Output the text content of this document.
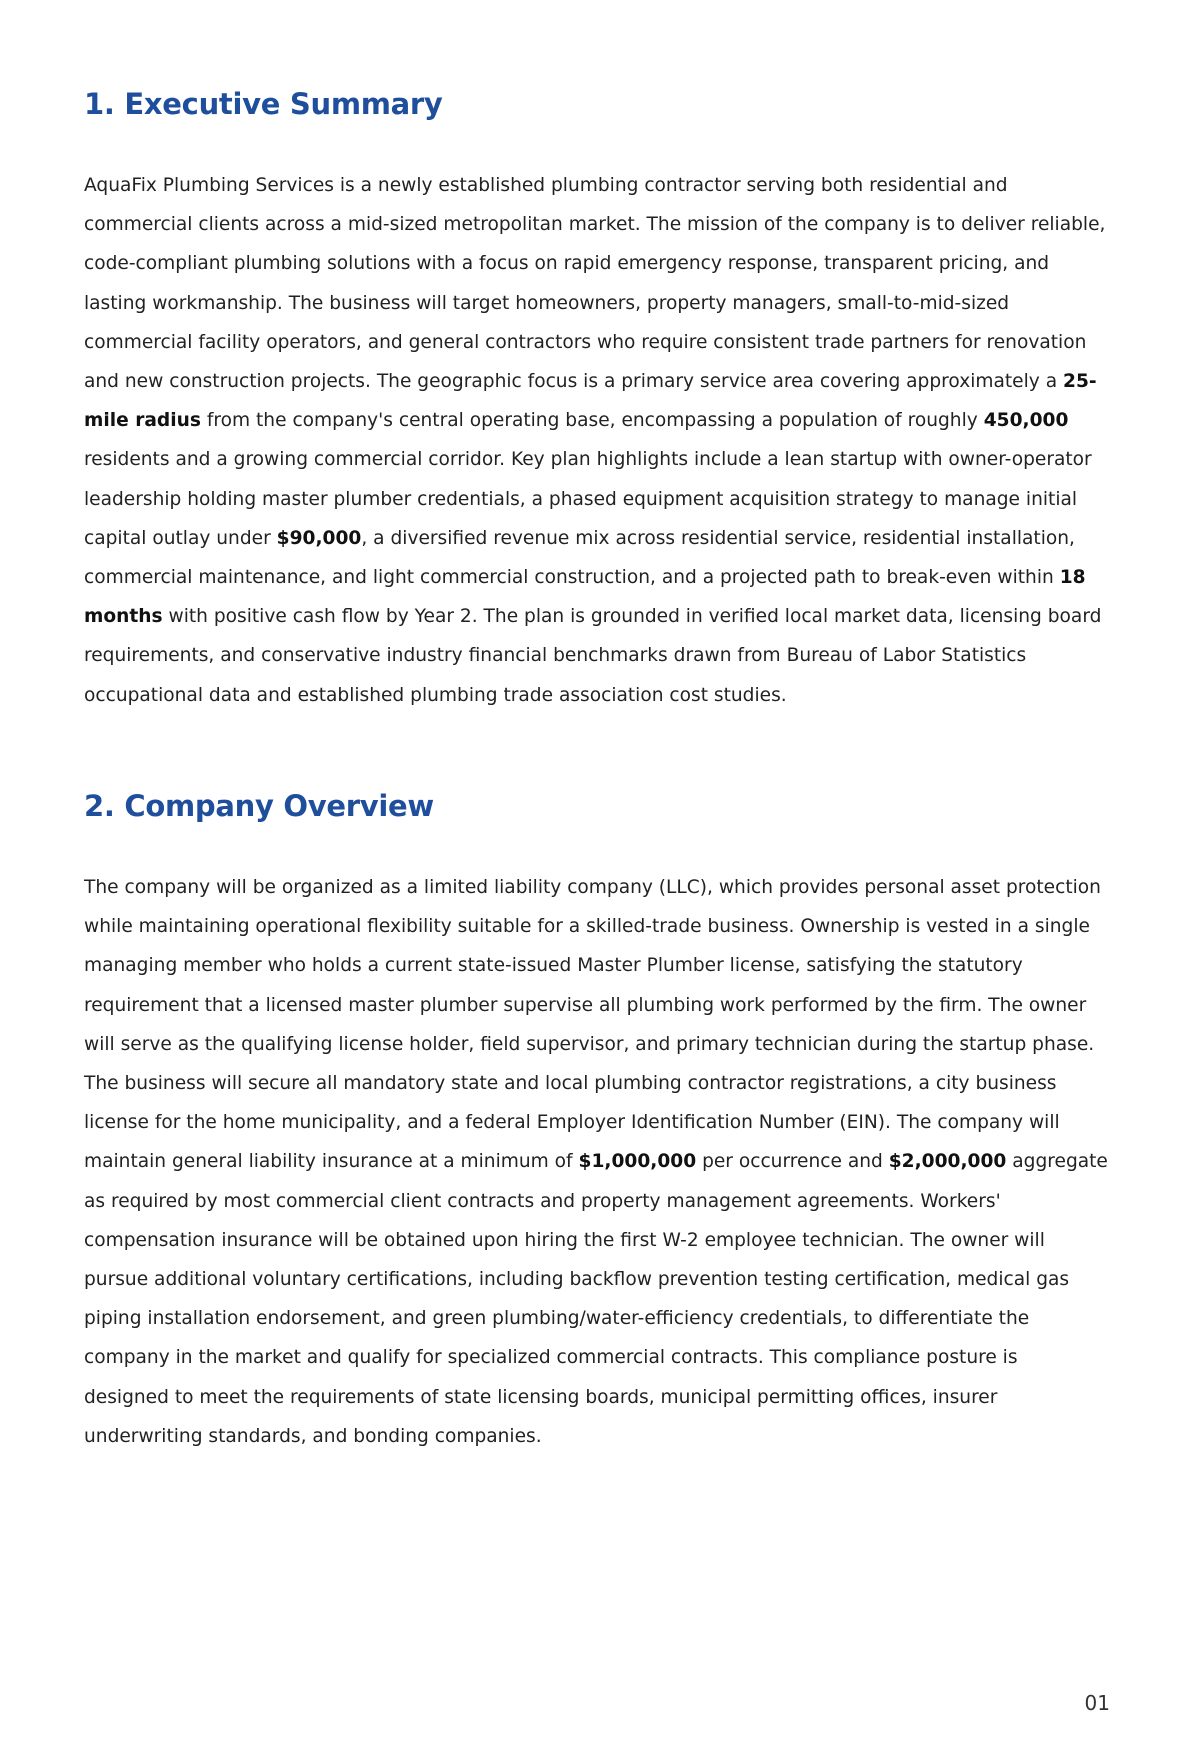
1. Executive Summary

AquaFix Plumbing Services is a newly established plumbing contractor serving both residential and commercial clients across a mid-sized metropolitan market. The mission of the company is to deliver reliable, code-compliant plumbing solutions with a focus on rapid emergency response, transparent pricing, and lasting workmanship. The business will target homeowners, property managers, small-to-mid-sized commercial facility operators, and general contractors who require consistent trade partners for renovation and new construction projects. The geographic focus is a primary service area covering approximately a 25-mile radius from the company's central operating base, encompassing a population of roughly 450,000 residents and a growing commercial corridor. Key plan highlights include a lean startup with owner-operator leadership holding master plumber credentials, a phased equipment acquisition strategy to manage initial capital outlay under $90,000, a diversified revenue mix across residential service, residential installation, commercial maintenance, and light commercial construction, and a projected path to break-even within 18 months with positive cash flow by Year 2. The plan is grounded in verified local market data, licensing board requirements, and conservative industry financial benchmarks drawn from Bureau of Labor Statistics occupational data and established plumbing trade association cost studies.

2. Company Overview

The company will be organized as a limited liability company (LLC), which provides personal asset protection while maintaining operational flexibility suitable for a skilled-trade business. Ownership is vested in a single managing member who holds a current state-issued Master Plumber license, satisfying the statutory requirement that a licensed master plumber supervise all plumbing work performed by the firm. The owner will serve as the qualifying license holder, field supervisor, and primary technician during the startup phase. The business will secure all mandatory state and local plumbing contractor registrations, a city business license for the home municipality, and a federal Employer Identification Number (EIN). The company will maintain general liability insurance at a minimum of $1,000,000 per occurrence and $2,000,000 aggregate as required by most commercial client contracts and property management agreements. Workers' compensation insurance will be obtained upon hiring the first W-2 employee technician. The owner will pursue additional voluntary certifications, including backflow prevention testing certification, medical gas piping installation endorsement, and green plumbing/water-efficiency credentials, to differentiate the company in the market and qualify for specialized commercial contracts. This compliance posture is designed to meet the requirements of state licensing boards, municipal permitting offices, insurer underwriting standards, and bonding companies.

01
